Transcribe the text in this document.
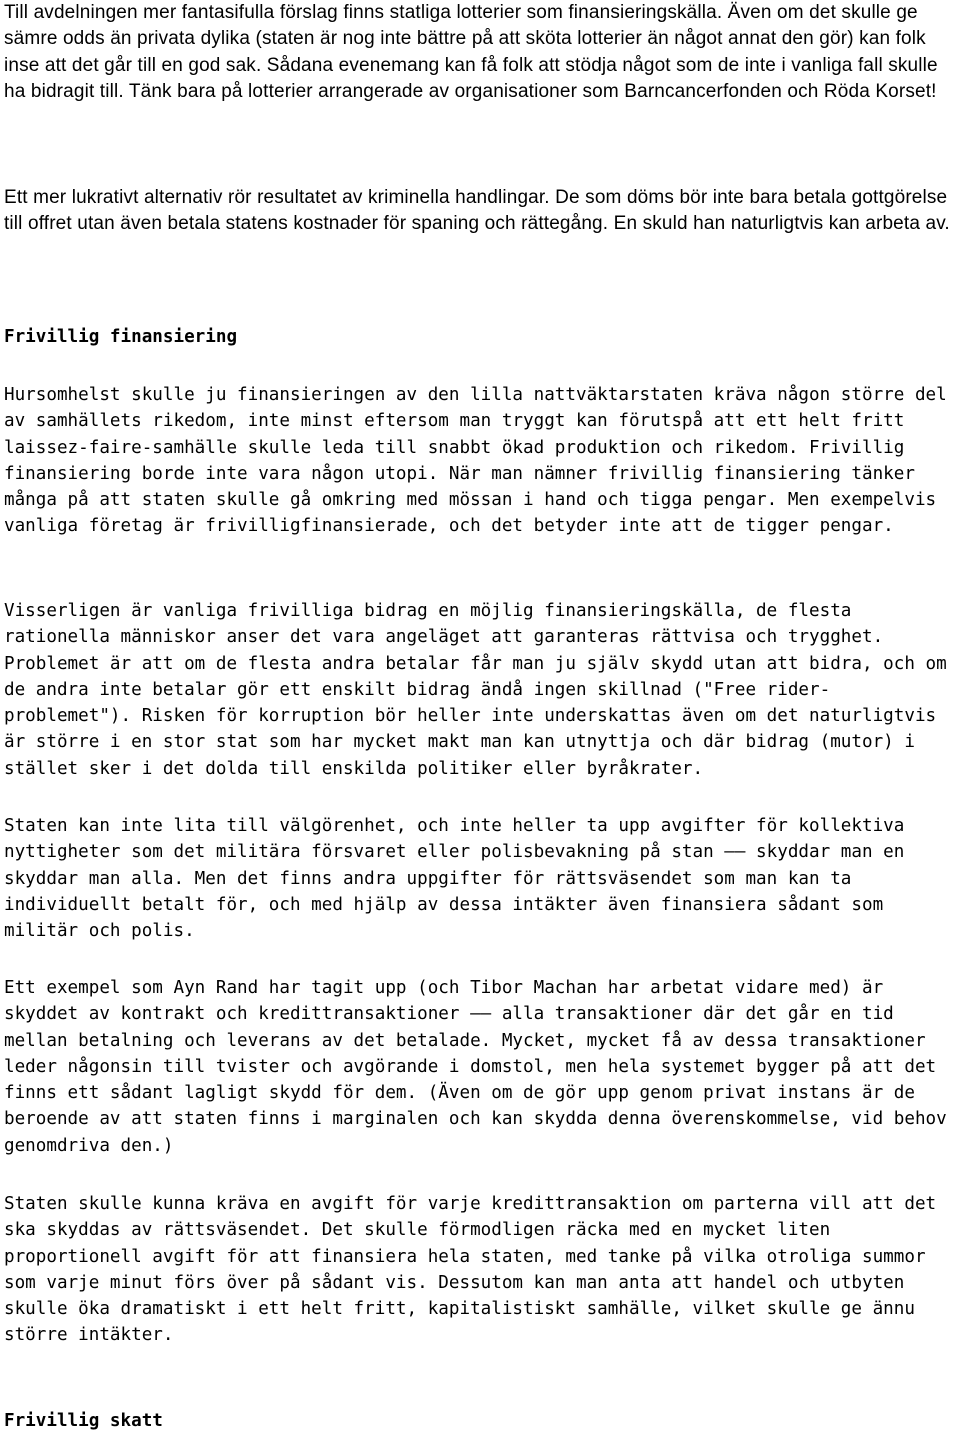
Till avdelningen mer fantasifulla förslag finns statliga lotterier som finansieringskälla. Även om det skulle ge sämre odds än privata dylika (staten är nog inte bättre på att sköta lotterier än något annat den gör) kan folk inse att det går till en god sak. Sådana evenemang kan få folk att stödja något som de inte i vanliga fall skulle ha bidragit till. Tänk bara på lotterier arrangerade av organisationer som Barncancerfonden och Röda Korset!

Ett mer lukrativt alternativ rör resultatet av kriminella handlingar. De som döms bör inte bara betala gottgörelse till offret utan även betala statens kostnader för spaning och rättegång. En skuld han naturligtvis kan arbeta av.

Frivillig finansiering

Hursomhelst skulle ju finansieringen av den lilla nattväktarstaten kräva någon större del av samhällets rikedom, inte minst eftersom man tryggt kan förutspå att ett helt fritt laissez-faire-samhälle skulle leda till snabbt ökad produktion och rikedom. Frivillig finansiering borde inte vara någon utopi. När man nämner frivillig finansiering tänker många på att staten skulle gå omkring med mössan i hand och tigga pengar. Men exempelvis vanliga företag är frivilligfinansierade, och det betyder inte att de tigger pengar.

Visserligen är vanliga frivilliga bidrag en möjlig finansieringskälla, de flesta rationella människor anser det vara angeläget att garanteras rättvisa och trygghet. Problemet är att om de flesta andra betalar får man ju själv skydd utan att bidra, och om de andra inte betalar gör ett enskilt bidrag ändå ingen skillnad ("Free rider-problemet"). Risken för korruption bör heller inte underskattas även om det naturligtvis är större i en stor stat som har mycket makt man kan utnyttja och där bidrag (mutor) i stället sker i det dolda till enskilda politiker eller byråkrater.

Staten kan inte lita till välgörenhet, och inte heller ta upp avgifter för kollektiva nyttigheter som det militära försvaret eller polisbevakning på stan —— skyddar man en skyddar man alla. Men det finns andra uppgifter för rättsväsendet som man kan ta individuellt betalt för, och med hjälp av dessa intäkter även finansiera sådant som militär och polis.

Ett exempel som Ayn Rand har tagit upp (och Tibor Machan har arbetat vidare med) är skyddet av kontrakt och kredittransaktioner —— alla transaktioner där det går en tid mellan betalning och leverans av det betalade. Mycket, mycket få av dessa transaktioner leder någonsin till tvister och avgörande i domstol, men hela systemet bygger på att det finns ett sådant lagligt skydd för dem. (Även om de gör upp genom privat instans är de beroende av att staten finns i marginalen och kan skydda denna överenskommelse, vid behov genomdriva den.)

Staten skulle kunna kräva en avgift för varje kredittransaktion om parterna vill att det ska skyddas av rättsväsendet. Det skulle förmodligen räcka med en mycket liten proportionell avgift för att finansiera hela staten, med tanke på vilka otroliga summor som varje minut förs över på sådant vis. Dessutom kan man anta att handel och utbyten skulle öka dramatiskt i ett helt fritt, kapitalistiskt samhälle, vilket skulle ge ännu större intäkter.

Frivillig skatt
